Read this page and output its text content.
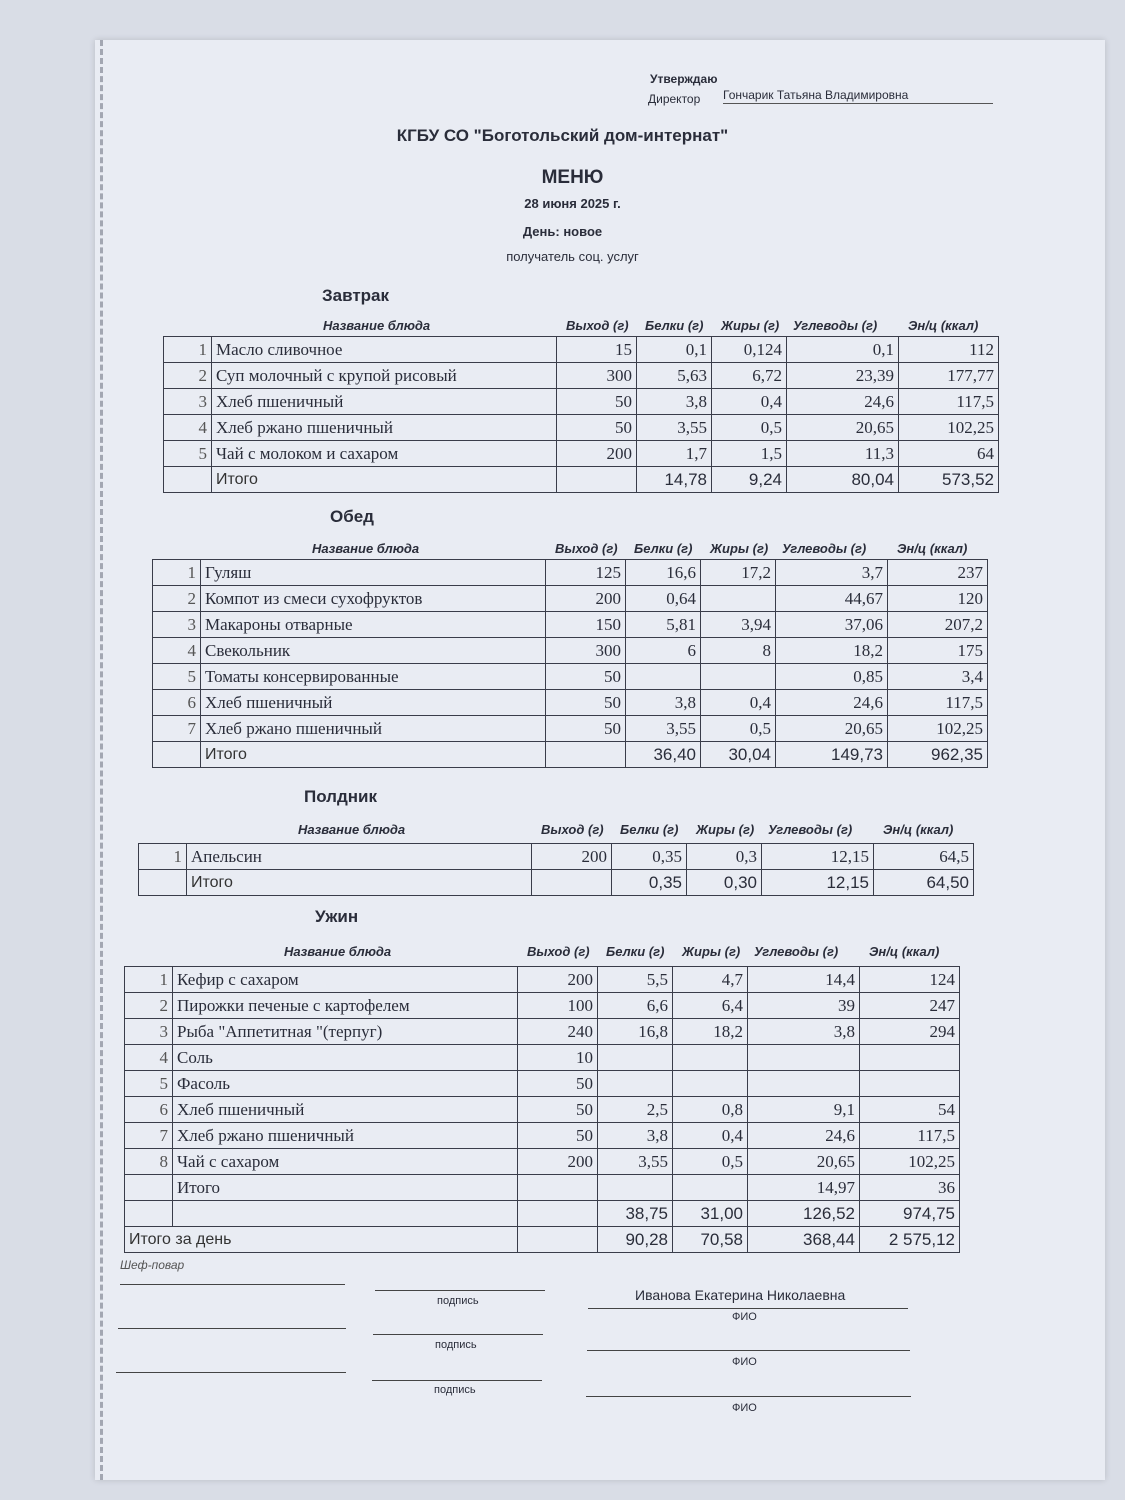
Утверждаю
Директор Гончарик Татьяна Владимировна
КГБУ СО "Боготольский дом-интернат"
МЕНЮ
28 июня 2025 г.
День: новое
получатель соц. услуг
Завтрак
Название блюда	Выход (г) Белки (г) Жиры (г) Углеводы (г) Эн/ц (ккал)
1	Масло сливочное	15	0,1	0,124	0,1	112
2	Суп молочный с крупой рисовый	300	5,63	6,72	23,39	177,77
3	Хлеб пшеничный	50	3,8	0,4	24,6	117,5
4	Хлеб ржано пшеничный	50	3,55	0,5	20,65	102,25
5	Чай с молоком и сахаром	200	1,7	1,5	11,3	64
	Итого		14,78	9,24	80,04	573,52
Обед
Название блюда	Выход (г) Белки (г) Жиры (г) Углеводы (г) Эн/ц (ккал)
1	Гуляш	125	16,6	17,2	3,7	237
2	Компот из смеси сухофруктов	200	0,64		44,67	120
3	Макароны отварные	150	5,81	3,94	37,06	207,2
4	Свекольник	300	6	8	18,2	175
5	Томаты консервированные	50			0,85	3,4
6	Хлеб пшеничный	50	3,8	0,4	24,6	117,5
7	Хлеб ржано пшеничный	50	3,55	0,5	20,65	102,25
	Итого		36,40	30,04	149,73	962,35
Полдник
Название блюда	Выход (г) Белки (г) Жиры (г) Углеводы (г) Эн/ц (ккал)
1	Апельсин	200	0,35	0,3	12,15	64,5
	Итого		0,35	0,30	12,15	64,50
Ужин
Название блюда	Выход (г) Белки (г) Жиры (г) Углеводы (г) Эн/ц (ккал)
1	Кефир с сахаром	200	5,5	4,7	14,4	124
2	Пирожки печеные с картофелем	100	6,6	6,4	39	247
3	Рыба "Аппетитная "(терпуг)	240	16,8	18,2	3,8	294
4	Соль	10				
5	Фасоль	50				
6	Хлеб пшеничный	50	2,5	0,8	9,1	54
7	Хлеб ржано пшеничный	50	3,8	0,4	24,6	117,5
8	Чай с сахаром	200	3,55	0,5	20,65	102,25
	Итого				14,97	36
			38,75	31,00	126,52	974,75
Итого за день			90,28	70,58	368,44	2 575,12
Шеф-повар
подпись	Иванова Екатерина Николаевна
ФИО
подпись
ФИО
подпись
ФИО
